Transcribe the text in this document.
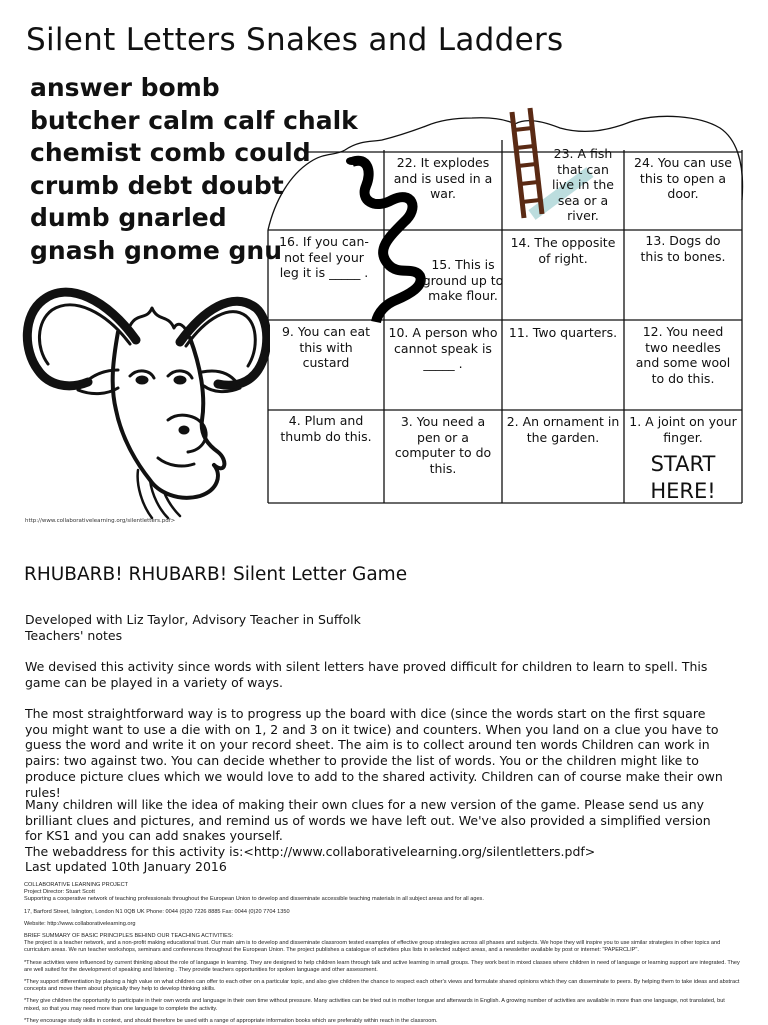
Silent Letters Snakes and Ladders
answer bomb
butcher calm calf chalk
chemist comb could
crumb debt doubt
dumb gnarled
gnash gnome gnu
22. It explodes
and is used in a
war.
23. A fish
that can
live in the
sea or a
river.
24. You can use
this to open a
door.
16. If you can-
not feel your
leg it is _____ .
15. This is
ground up to
make flour.
14. The opposite
of right.
13. Dogs do
this to bones.
9. You can eat
this with
custard
10. A person who
cannot speak is
_____ .
11. Two quarters.	12. You need
two needles
and some wool
to do this.
4. Plum and
thumb do this.
3. You need a
pen or a
computer to do
this.
2. An ornament in
the garden.
1. A joint on your
finger.
START
HERE!
http://www.collaborativelearning.org/silentletters.pdf>
RHUBARB! RHUBARB! Silent Letter Game
Developed with Liz Taylor, Advisory Teacher in Suffolk
Teachers' notes
We devised this activity since words with silent letters have proved difficult for children to learn to spell. This game can be played in a variety of ways.
The most straightforward way is to progress up the board with dice (since the words start on the first square you might want to use a die with on 1, 2 and 3 on it twice) and counters. When you land on a clue you have to guess the word and write it on your record sheet. The aim is to collect around ten words Children can work in pairs: two against two. You can decide whether to provide the list of words. You or the children might like to produce picture clues which we would love to add to the shared activity. Children can of course make their own rules!
Many children will like the idea of making their own clues for a new version of the game. Please send us any brilliant clues and pictures, and remind us of words we have left out. We've also provided a simplified version for KS1 and you can add snakes yourself.
The webaddress for this activity is:<http://www.collaborativelearning.org/silentletters.pdf>
Last updated 10th January 2016
COLLABORATIVE LEARNING PROJECT
Project Director: Stuart Scott
Supporting a cooperative network of teaching professionals throughout the European Union to develop and disseminate accessible teaching materials in all subject areas and for all ages.
17, Barford Street, Islington, London N1 0QB UK Phone: 0044 (0)20 7226 8885 Fax: 0044 (0)20 7704 1350
Website: http://www.collaborativelearning.org
BRIEF SUMMARY OF BASIC PRINCIPLES BEHIND OUR TEACHING ACTIVITIES:
The project is a teacher network, and a non-profit making educational trust. Our main aim is to develop and disseminate classroom tested examples of effective group strategies across all phases and subjects. We hope they will inspire you to use similar strategies in other topics and curriculum areas. We run teacher workshops, seminars and conferences throughout the European Union. The project publishes a catalogue of activities plus lists in selected subject areas, and a newsletter available by post or internet: "PAPERCLIP".
*These activities were influenced by current thinking about the role of language in learning. They are designed to help children learn through talk and active learning in small groups. They work best in mixed classes where children in need of language or learning support are integrated. They are well suited for the development of speaking and listening . They provide teachers opportunities for spoken language and other assessment.
*They support differentiation by placing a high value on what children can offer to each other on a particular topic, and also give children the chance to respect each other's views and formulate shared opinions which they can disseminate to peers. By helping them to take ideas and abstract concepts and move them about physically they help to develop thinking skills.
*They give children the opportunity to participate in their own words and language in their own time without pressure. Many activities can be tried out in mother tongue and afterwards in English. A growing number of activities are available in more than one language, not translated, but mixed, so that you may need more than one language to complete the activity.
*They encourage study skills in context, and should therefore be used with a range of appropriate information books which are preferably within reach in the classroom.
